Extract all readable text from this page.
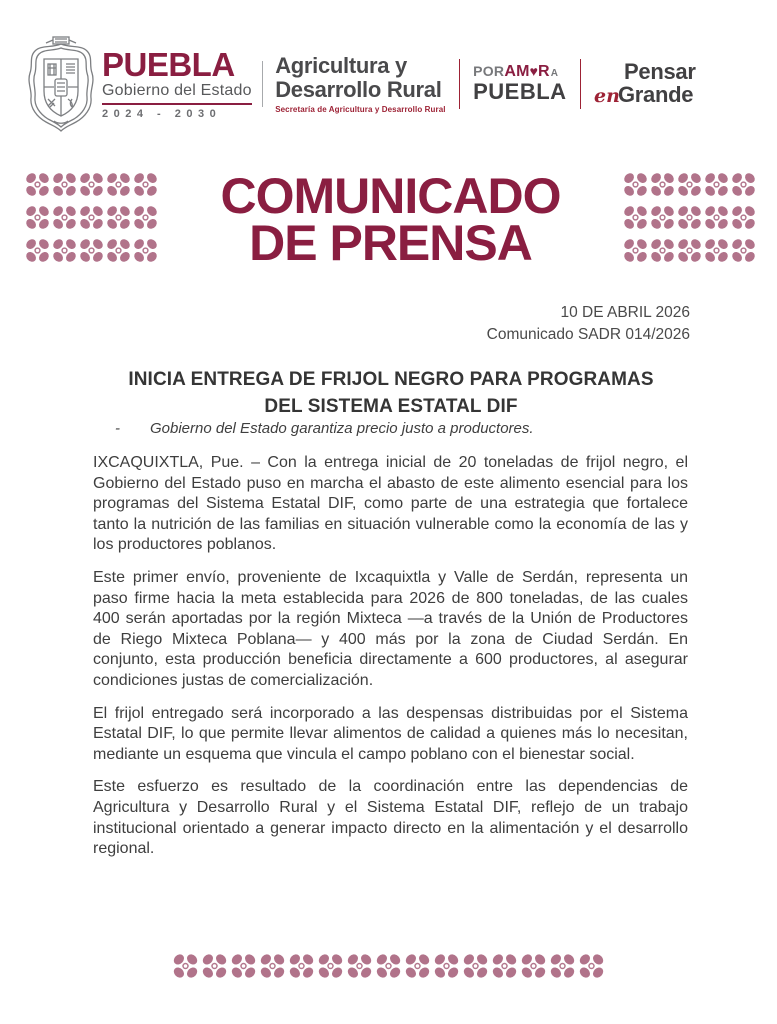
PUEBLA
Gobierno del Estado
2024 - 2030
Agricultura y
Desarrollo Rural
Secretaría de Agricultura y Desarrollo Rural
PORAM♥RA
PUEBLA
Pensar
enGrande
COMUNICADO
DE PRENSA
10 DE ABRIL 2026
Comunicado SADR 014/2026
INICIA ENTREGA DE FRIJOL NEGRO PARA PROGRAMAS
DEL SISTEMA ESTATAL DIF
- Gobierno del Estado garantiza precio justo a productores.

IXCAQUIXTLA, Pue. – Con la entrega inicial de 20 toneladas de frijol negro, el Gobierno del Estado puso en marcha el abasto de este alimento esencial para los programas del Sistema Estatal DIF, como parte de una estrategia que fortalece tanto la nutrición de las familias en situación vulnerable como la economía de las y los productores poblanos.

Este primer envío, proveniente de Ixcaquixtla y Valle de Serdán, representa un paso firme hacia la meta establecida para 2026 de 800 toneladas, de las cuales 400 serán aportadas por la región Mixteca —a través de la Unión de Productores de Riego Mixteca Poblana— y 400 más por la zona de Ciudad Serdán. En conjunto, esta producción beneficia directamente a 600 productores, al asegurar condiciones justas de comercialización.

El frijol entregado será incorporado a las despensas distribuidas por el Sistema Estatal DIF, lo que permite llevar alimentos de calidad a quienes más lo necesitan, mediante un esquema que vincula el campo poblano con el bienestar social.

Este esfuerzo es resultado de la coordinación entre las dependencias de Agricultura y Desarrollo Rural y el Sistema Estatal DIF, reflejo de un trabajo institucional orientado a generar impacto directo en la alimentación y el desarrollo regional.
